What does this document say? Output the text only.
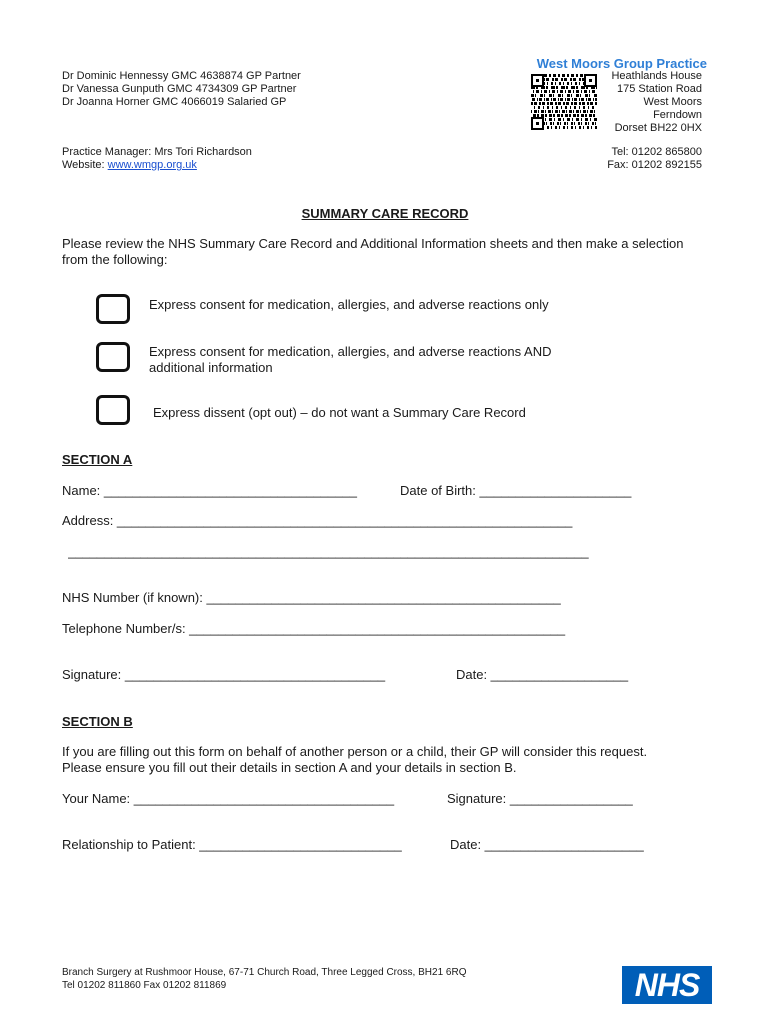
Dr Dominic Hennessy GMC 4638874 GP Partner
Dr Vanessa Gunputh GMC 4734309 GP Partner
Dr Joanna Horner GMC 4066019 Salaried GP
Practice Manager: Mrs Tori Richardson
Website: www.wmgp.org.uk
West Moors Group Practice
Heathlands House
175 Station Road
West Moors
Ferndown
Dorset BH22 0HX
Tel: 01202 865800
Fax: 01202 892155
SUMMARY CARE RECORD
Please review the NHS Summary Care Record and Additional Information sheets and then make a selection from the following:
Express consent for medication, allergies, and adverse reactions only
Express consent for medication, allergies, and adverse reactions AND
additional information
Express dissent (opt out) – do not want a Summary Care Record
SECTION A
Name: ___________________________________	Date of Birth: _____________________
Address: _______________________________________________________________
________________________________________________________________________
NHS Number (if known): _________________________________________________
Telephone Number/s: ____________________________________________________
Signature: ____________________________________	Date: ___________________
SECTION B
If you are filling out this form on behalf of another person or a child, their GP will consider this request.
Please ensure you fill out their details in section A and your details in section B.
Your Name: ____________________________________	Signature: _________________
Relationship to Patient: ____________________________	Date: ______________________
Branch Surgery at Rushmoor House, 67-71 Church Road, Three Legged Cross, BH21 6RQ
Tel 01202 811860 Fax 01202 811869	NHS
